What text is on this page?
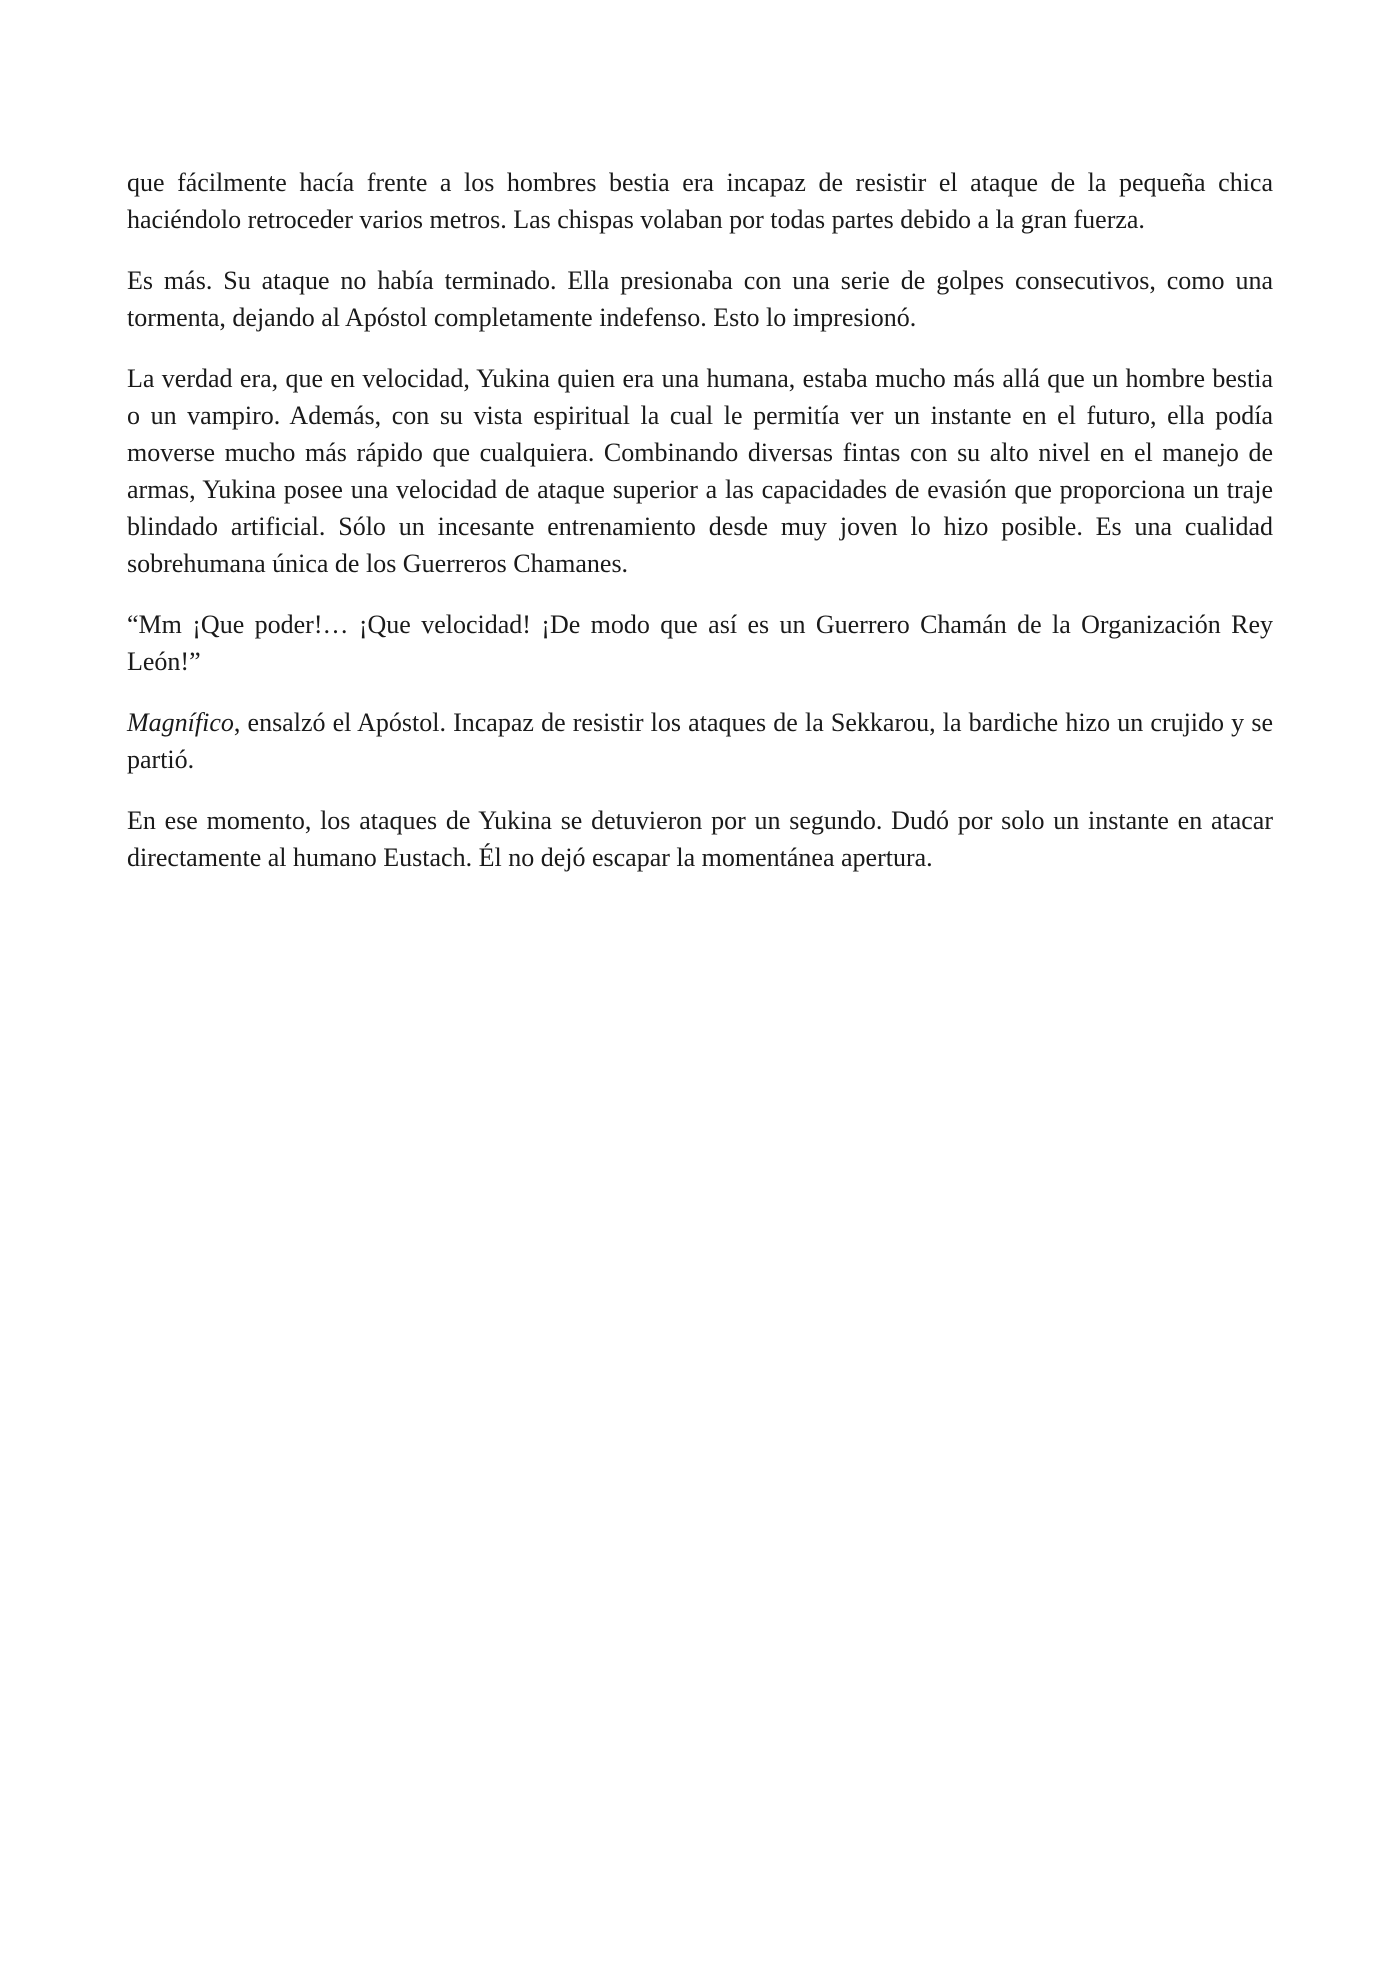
que fácilmente hacía frente a los hombres bestia era incapaz de resistir el ataque de la pequeña chica haciéndolo retroceder varios metros. Las chispas volaban por todas partes debido a la gran fuerza.

Es más. Su ataque no había terminado. Ella presionaba con una serie de golpes consecutivos, como una tormenta, dejando al Apóstol completamente indefenso. Esto lo impresionó.

La verdad era, que en velocidad, Yukina quien era una humana, estaba mucho más allá que un hombre bestia o un vampiro. Además, con su vista espiritual la cual le permitía ver un instante en el futuro, ella podía moverse mucho más rápido que cualquiera. Combinando diversas fintas con su alto nivel en el manejo de armas, Yukina posee una velocidad de ataque superior a las capacidades de evasión que proporciona un traje blindado artificial. Sólo un incesante entrenamiento desde muy joven lo hizo posible. Es una cualidad sobrehumana única de los Guerreros Chamanes.

“Mm ¡Que poder!… ¡Que velocidad! ¡De modo que así es un Guerrero Chamán de la Organización Rey León!”

Magnífico, ensalzó el Apóstol. Incapaz de resistir los ataques de la Sekkarou, la bardiche hizo un crujido y se partió.

En ese momento, los ataques de Yukina se detuvieron por un segundo. Dudó por solo un instante en atacar directamente al humano Eustach. Él no dejó escapar la momentánea apertura.
